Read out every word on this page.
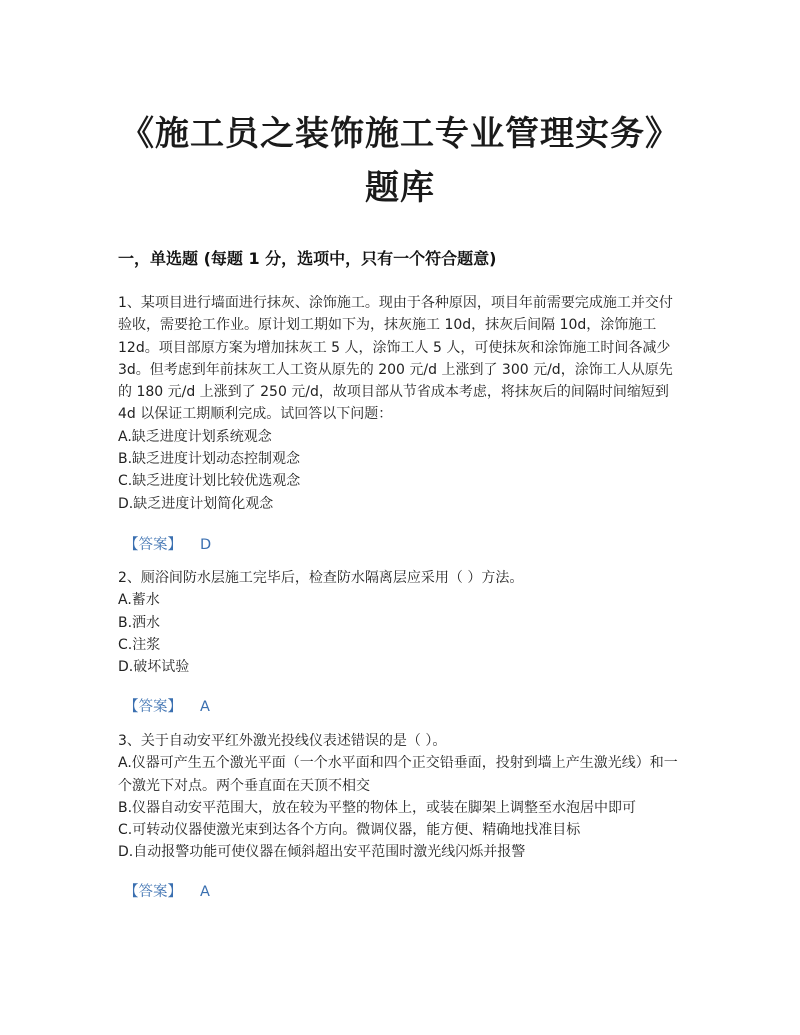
《施工员之装饰施工专业管理实务》
题库
一，单选题 (每题 1 分，选项中，只有一个符合题意)

1、某项目进行墙面进行抹灰、涂饰施工。现由于各种原因，项目年前需要完成施工并交付验收，需要抢工作业。原计划工期如下为，抹灰施工 10d，抹灰后间隔 10d，涂饰施工 12d。项目部原方案为增加抹灰工 5 人，涂饰工人 5 人，可使抹灰和涂饰施工时间各减少 3d。但考虑到年前抹灰工人工资从原先的 200 元/d 上涨到了 300 元/d，涂饰工人从原先的 180 元/d 上涨到了 250 元/d，故项目部从节省成本考虑，将抹灰后的间隔时间缩短到 4d 以保证工期顺利完成。试回答以下问题：

A.缺乏进度计划系统观念

B.缺乏进度计划动态控制观念

C.缺乏进度计划比较优选观念

D.缺乏进度计划简化观念

【答案】 D

2、厕浴间防水层施工完毕后，检查防水隔离层应采用（ ）方法。

A.蓄水

B.洒水

C.注浆

D.破坏试验

【答案】 A

3、关于自动安平红外激光投线仪表述错误的是（ ）。

A.仪器可产生五个激光平面（一个水平面和四个正交铅垂面，投射到墙上产生激光线）和一个激光下对点。两个垂直面在天顶不相交

B.仪器自动安平范围大，放在较为平整的物体上，或装在脚架上调整至水泡居中即可

C.可转动仪器使激光束到达各个方向。微调仪器，能方便、精确地找准目标

D.自动报警功能可使仪器在倾斜超出安平范围时激光线闪烁并报警

【答案】 A
